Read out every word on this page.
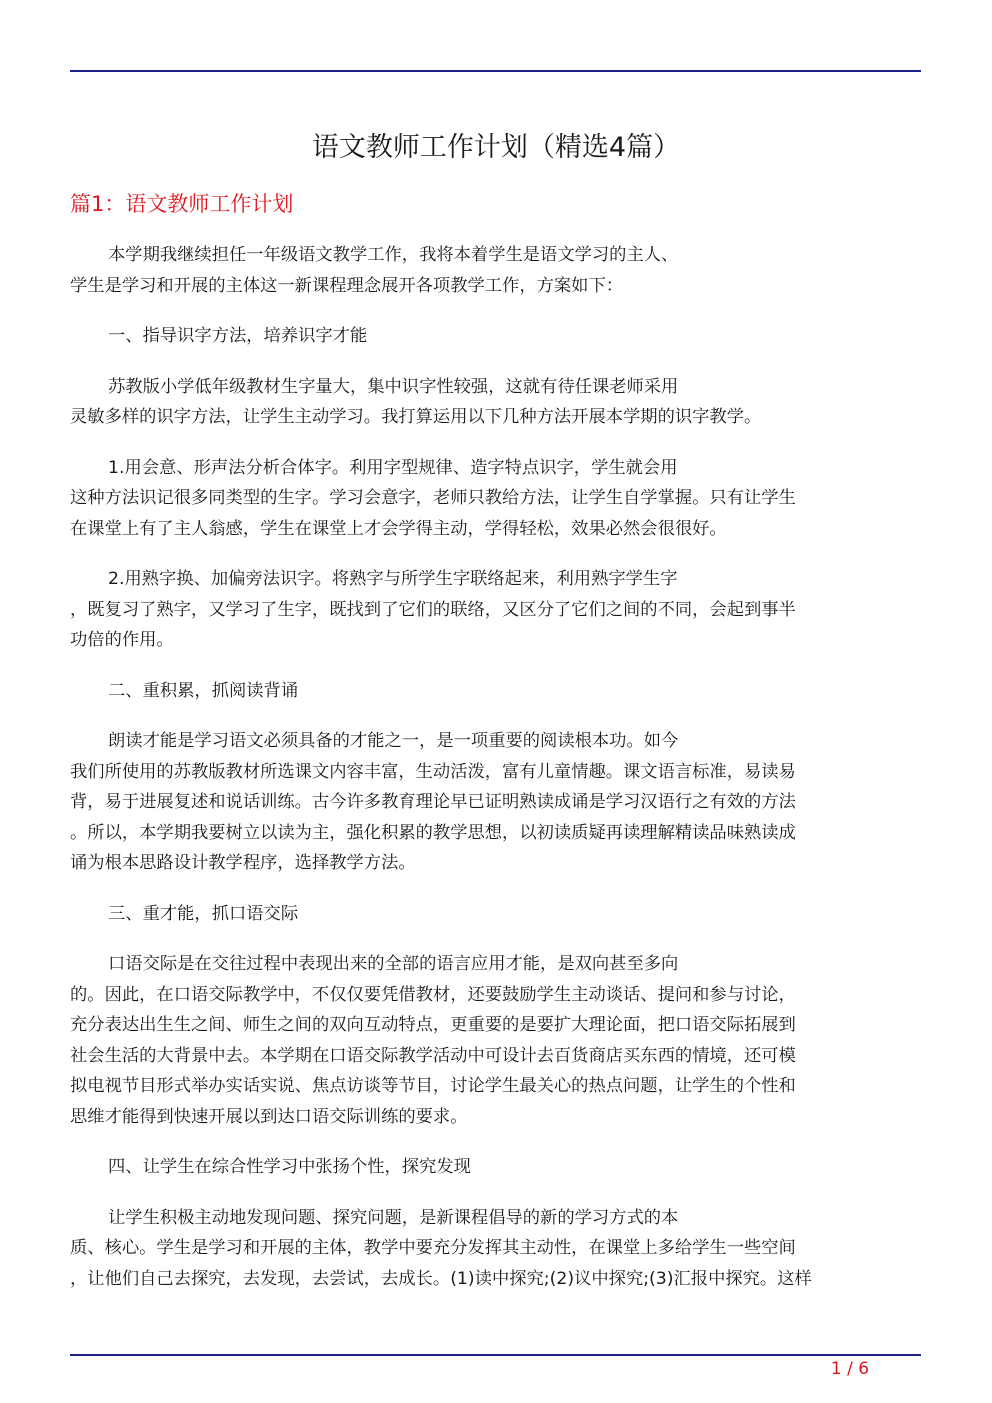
语文教师工作计划（精选4篇）
篇1：语文教师工作计划
本学期我继续担任一年级语文教学工作，我将本着学生是语文学习的主人、
学生是学习和开展的主体这一新课程理念展开各项教学工作，方案如下：
一、指导识字方法，培养识字才能
苏教版小学低年级教材生字量大，集中识字性较强，这就有待任课老师采用
灵敏多样的识字方法，让学生主动学习。我打算运用以下几种方法开展本学期的识字教学。
1.用会意、形声法分析合体字。利用字型规律、造字特点识字，学生就会用
这种方法识记很多同类型的生字。学习会意字，老师只教给方法，让学生自学掌握。只有让学生
在课堂上有了主人翁感，学生在课堂上才会学得主动，学得轻松，效果必然会很很好。
2.用熟字换、加偏旁法识字。将熟字与所学生字联络起来，利用熟字学生字
，既复习了熟字，又学习了生字，既找到了它们的联络，又区分了它们之间的不同，会起到事半
功倍的作用。
二、重积累，抓阅读背诵
朗读才能是学习语文必须具备的才能之一，是一项重要的阅读根本功。如今
我们所使用的苏教版教材所选课文内容丰富，生动活泼，富有儿童情趣。课文语言标准，易读易
背，易于进展复述和说话训练。古今许多教育理论早已证明熟读成诵是学习汉语行之有效的方法
。所以，本学期我要树立以读为主，强化积累的教学思想，以初读质疑再读理解精读品味熟读成
诵为根本思路设计教学程序，选择教学方法。
三、重才能，抓口语交际
口语交际是在交往过程中表现出来的全部的语言应用才能，是双向甚至多向
的。因此，在口语交际教学中，不仅仅要凭借教材，还要鼓励学生主动谈话、提问和参与讨论，
充分表达出生生之间、师生之间的双向互动特点，更重要的是要扩大理论面，把口语交际拓展到
社会生活的大背景中去。本学期在口语交际教学活动中可设计去百货商店买东西的情境，还可模
拟电视节目形式举办实话实说、焦点访谈等节目，讨论学生最关心的热点问题，让学生的个性和
思维才能得到快速开展以到达口语交际训练的要求。
四、让学生在综合性学习中张扬个性，探究发现
让学生积极主动地发现问题、探究问题，是新课程倡导的新的学习方式的本
质、核心。学生是学习和开展的主体，教学中要充分发挥其主动性，在课堂上多给学生一些空间
，让他们自己去探究，去发现，去尝试，去成长。(1)读中探究;(2)议中探究;(3)汇报中探究。这样
1 / 6
